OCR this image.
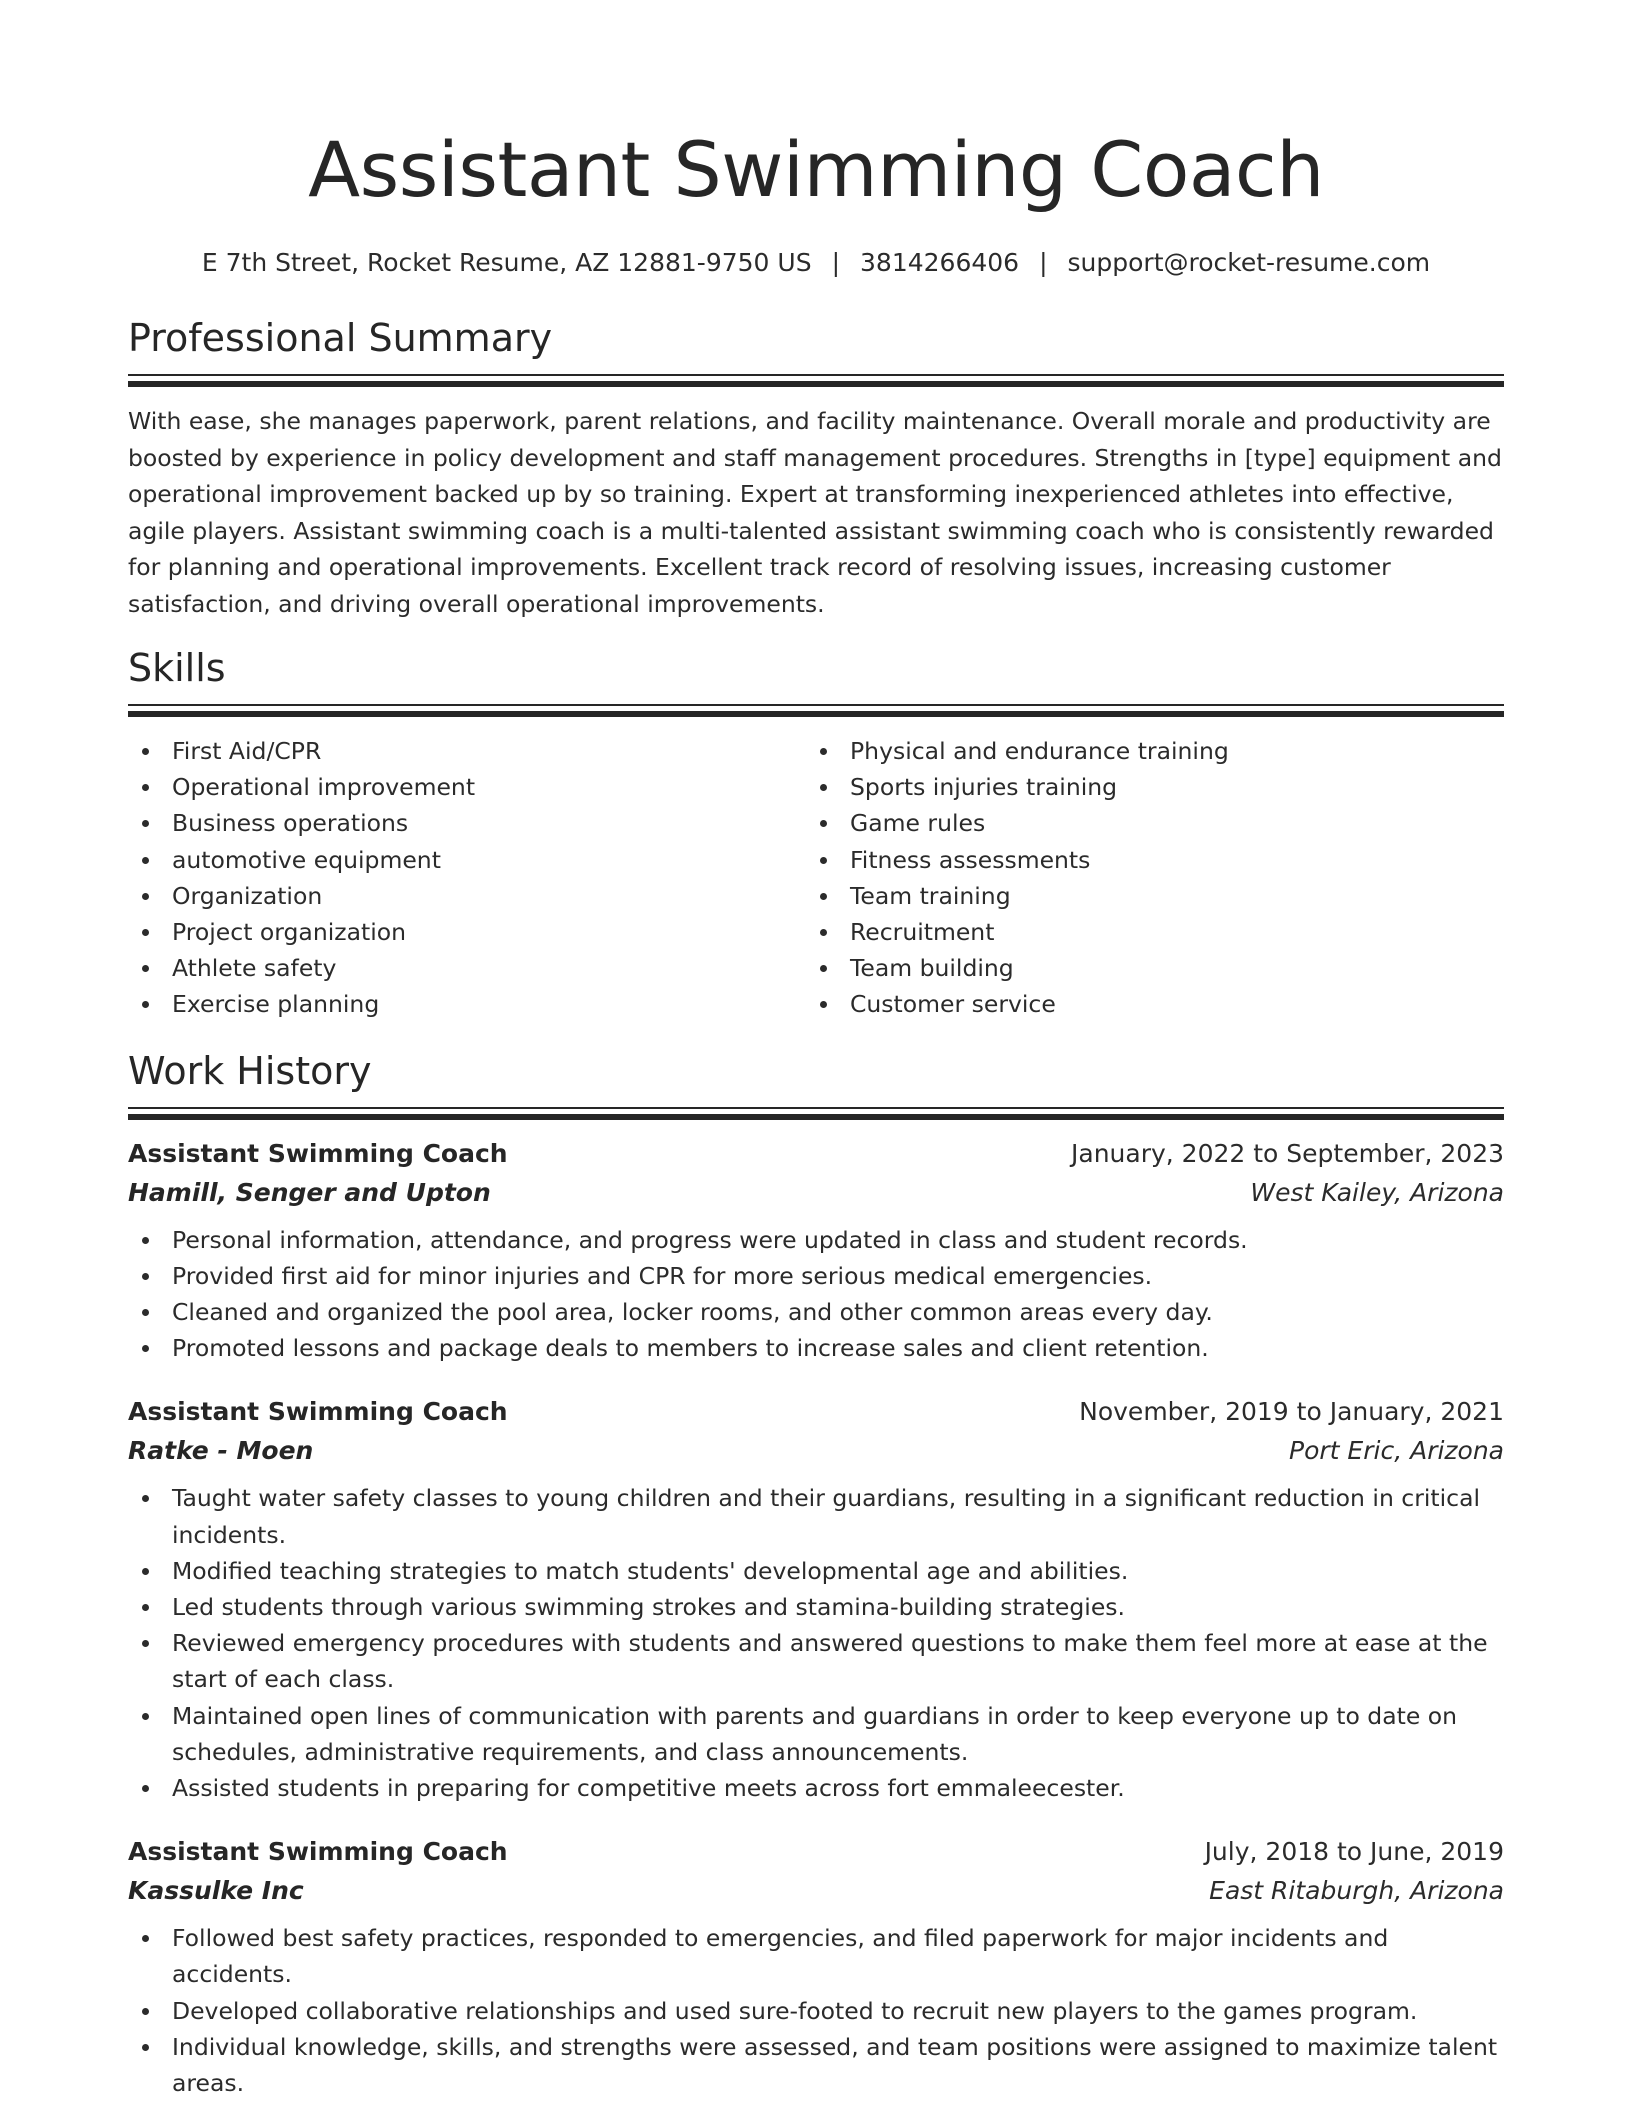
Assistant Swimming Coach
E 7th Street, Rocket Resume, AZ 12881-9750 US | 3814266406 | support@rocket-resume.com
Professional Summary
With ease, she manages paperwork, parent relations, and facility maintenance. Overall morale and productivity are boosted by experience in policy development and staff management procedures. Strengths in [type] equipment and operational improvement backed up by so training. Expert at transforming inexperienced athletes into effective, agile players. Assistant swimming coach is a multi-talented assistant swimming coach who is consistently rewarded for planning and operational improvements. Excellent track record of resolving issues, increasing customer satisfaction, and driving overall operational improvements.
Skills
First Aid/CPR
Operational improvement
Business operations
automotive equipment
Organization
Project organization
Athlete safety
Exercise planning
Physical and endurance training
Sports injuries training
Game rules
Fitness assessments
Team training
Recruitment
Team building
Customer service
Work History
Assistant Swimming Coach	January, 2022 to September, 2023
Hamill, Senger and Upton	West Kailey, Arizona
Personal information, attendance, and progress were updated in class and student records.
Provided first aid for minor injuries and CPR for more serious medical emergencies.
Cleaned and organized the pool area, locker rooms, and other common areas every day.
Promoted lessons and package deals to members to increase sales and client retention.
Assistant Swimming Coach	November, 2019 to January, 2021
Ratke - Moen	Port Eric, Arizona
Taught water safety classes to young children and their guardians, resulting in a significant reduction in critical incidents.
Modified teaching strategies to match students' developmental age and abilities.
Led students through various swimming strokes and stamina-building strategies.
Reviewed emergency procedures with students and answered questions to make them feel more at ease at the start of each class.
Maintained open lines of communication with parents and guardians in order to keep everyone up to date on schedules, administrative requirements, and class announcements.
Assisted students in preparing for competitive meets across fort emmaleecester.
Assistant Swimming Coach	July, 2018 to June, 2019
Kassulke Inc	East Ritaburgh, Arizona
Followed best safety practices, responded to emergencies, and filed paperwork for major incidents and accidents.
Developed collaborative relationships and used sure-footed to recruit new players to the games program.
Individual knowledge, skills, and strengths were assessed, and team positions were assigned to maximize talent areas.
